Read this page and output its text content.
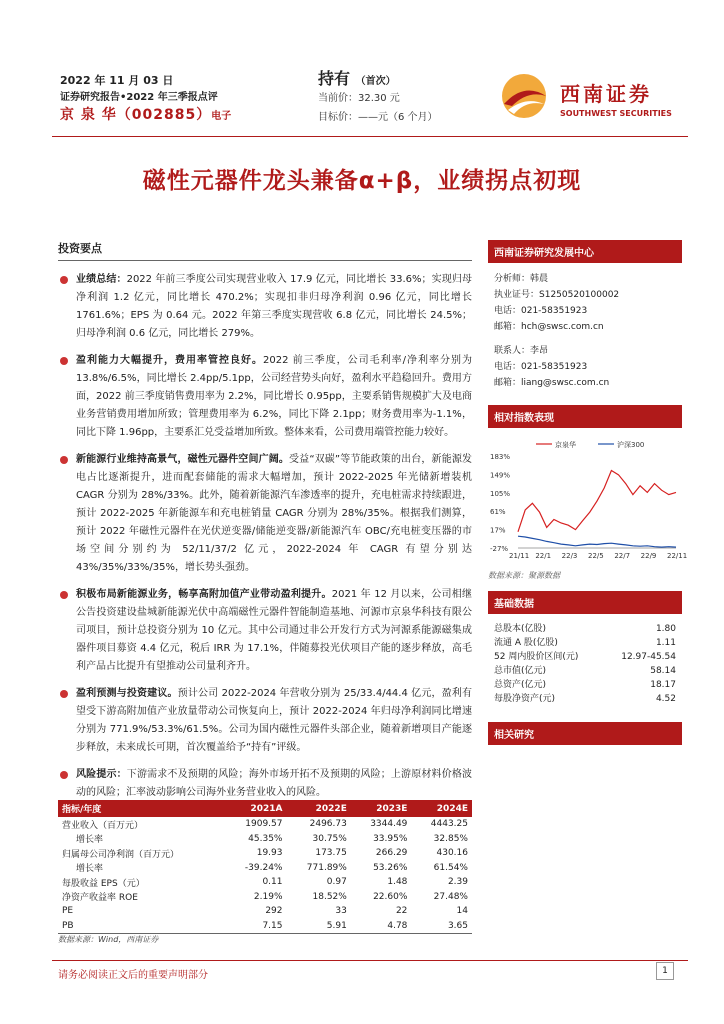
2022 年 11 月 03 日
证券研究报告•2022 年三季报点评
京 泉 华（002885）电子
持有 （首次）
当前价：32.30 元
目标价：——元（6 个月）
西南证券
SOUTHWEST SECURITIES
磁性元器件龙头兼备α+β，业绩拐点初现
投资要点
业绩总结：2022 年前三季度公司实现营业收入 17.9 亿元，同比增长 33.6%；实现归母净利润 1.2 亿元，同比增长 470.2%；实现扣非归母净利润 0.96 亿元，同比增长 1761.6%；EPS 为 0.64 元。2022 年第三季度实现营收 6.8 亿元，同比增长 24.5%；归母净利润 0.6 亿元，同比增长 279%。
盈利能力大幅提升，费用率管控良好。2022 前三季度，公司毛利率/净利率分别为 13.8%/6.5%，同比增长 2.4pp/5.1pp，公司经营势头向好，盈利水平趋稳回升。费用方面，2022 前三季度销售费用率为 2.2%，同比增长 0.95pp，主要系销售规模扩大及电商业务营销费用增加所致；管理费用率为 6.2%，同比下降 2.1pp；财务费用率为-1.1%，同比下降 1.96pp，主要系汇兑受益增加所致。整体来看，公司费用端管控能力较好。
新能源行业维持高景气，磁性元器件空间广阔。受益“双碳”等节能政策的出台，新能源发电占比逐渐提升，进而配套储能的需求大幅增加，预计 2022-2025 年光储新增装机 CAGR 分别为 28%/33%。此外，随着新能源汽车渗透率的提升，充电桩需求持续跟进，预计 2022-2025 年新能源车和充电桩销量 CAGR 分别为 28%/35%。根据我们测算，预计 2022 年磁性元器件在光伏逆变器/储能逆变器/新能源汽车 OBC/充电桩变压器的市场空间分别约为 52/11/37/2 亿元，2022-2024 年 CAGR 有望分别达 43%/35%/33%/35%，增长势头强劲。
积极布局新能源业务，畅享高附加值产业带动盈利提升。2021 年 12 月以来，公司相继公告投资建设盐城新能源光伏中高端磁性元器件智能制造基地、河源市京泉华科技有限公司项目，预计总投资分别为 10 亿元。其中公司通过非公开发行方式为河源系能源磁集成器件项目募资 4.4 亿元，税后 IRR 为 17.1%，伴随募投光伏项目产能的逐步释放，高毛利产品占比提升有望推动公司量利齐升。
盈利预测与投资建议。预计公司 2022-2024 年营收分别为 25/33.4/44.4 亿元，盈利有望受下游高附加值产业放量带动公司恢复向上，预计 2022-2024 年归母净利润同比增速分别为 771.9%/53.3%/61.5%。公司为国内磁性元器件头部企业，随着新增项目产能逐步释放，未来成长可期，首次覆盖给予“持有”评级。
风险提示：下游需求不及预期的风险；海外市场开拓不及预期的风险；上游原材料价格波动的风险；汇率波动影响公司海外业务营业收入的风险。
西南证券研究发展中心
分析师：韩晨
执业证号：S1250520100002
电话：021-58351923
邮箱：hch@swsc.com.cn
联系人：李昂
电话：021-58351923
邮箱：liang@swsc.com.cn
相对指数表现
183%
149%
105%
61%
17%
-27%
21/11 22/1 22/3 22/5 22/7 22/9 22/11
京泉华	沪深300
数据来源：聚源数据
基础数据
总股本(亿股)	1.80
流通 A 股(亿股)	1.11
52 周内股价区间(元)	12.97-45.54
总市值(亿元)	58.14
总资产(亿元)	18.17
每股净资产(元)	4.52
相关研究
指标/年度	2021A	2022E	2023E	2024E
营业收入（百万元）	1909.57	2496.73	3344.49	4443.25
增长率	45.35%	30.75%	33.95%	32.85%
归属母公司净利润（百万元）	19.93	173.75	266.29	430.16
增长率	-39.24%	771.89%	53.26%	61.54%
每股收益 EPS（元）	0.11	0.97	1.48	2.39
净资产收益率 ROE	2.19%	18.52%	22.60%	27.48%
PE	292	33	22	14
PB	7.15	5.91	4.78	3.65
数据来源：Wind，西南证券
请务必阅读正文后的重要声明部分	1
